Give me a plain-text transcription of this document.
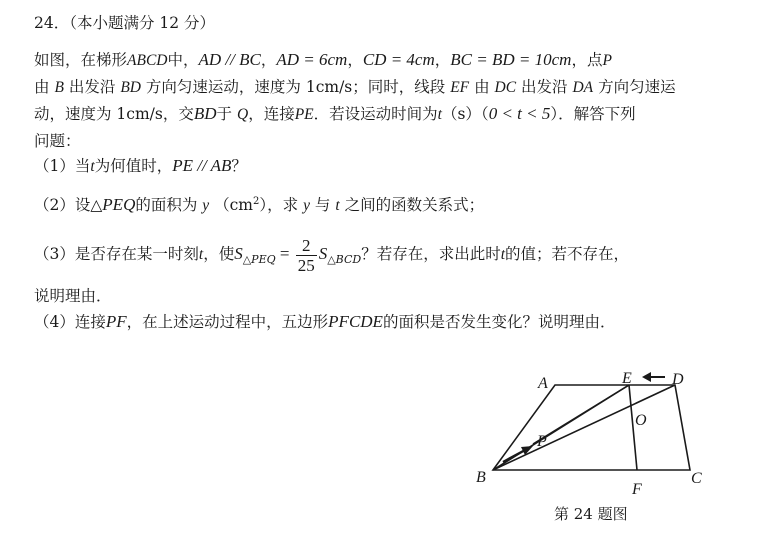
24．（本小题满分 12 分）
如图，在梯形ABCD中，AD // BC，AD = 6cm，CD = 4cm，BC = BD = 10cm，点P
由 B 出发沿 BD 方向匀速运动，速度为 1cm/s；同时，线段 EF 由 DC 出发沿 DA 方向匀速运
动，速度为 1cm/s，交BD于 Q，连接PE．若设运动时间为t（s）（0 < t < 5）．解答下列
问题：
（1）当t为何值时，PE // AB？
（2）设△PEQ的面积为 y $(cm^2)$，求 y 与 t 之间的函数关系式；
（3）是否存在某一时刻t，使$S_{\triangle PEQ} = \frac{2}{25} S_{\triangle BCD}$？若存在，求出此时t的值；若不存在，
说明理由．
（4）连接PF，在上述运动过程中，五边形PFCDE的面积是否发生变化？说明理由．
A	E	D
O
P
B	C
F
第 24 题图
